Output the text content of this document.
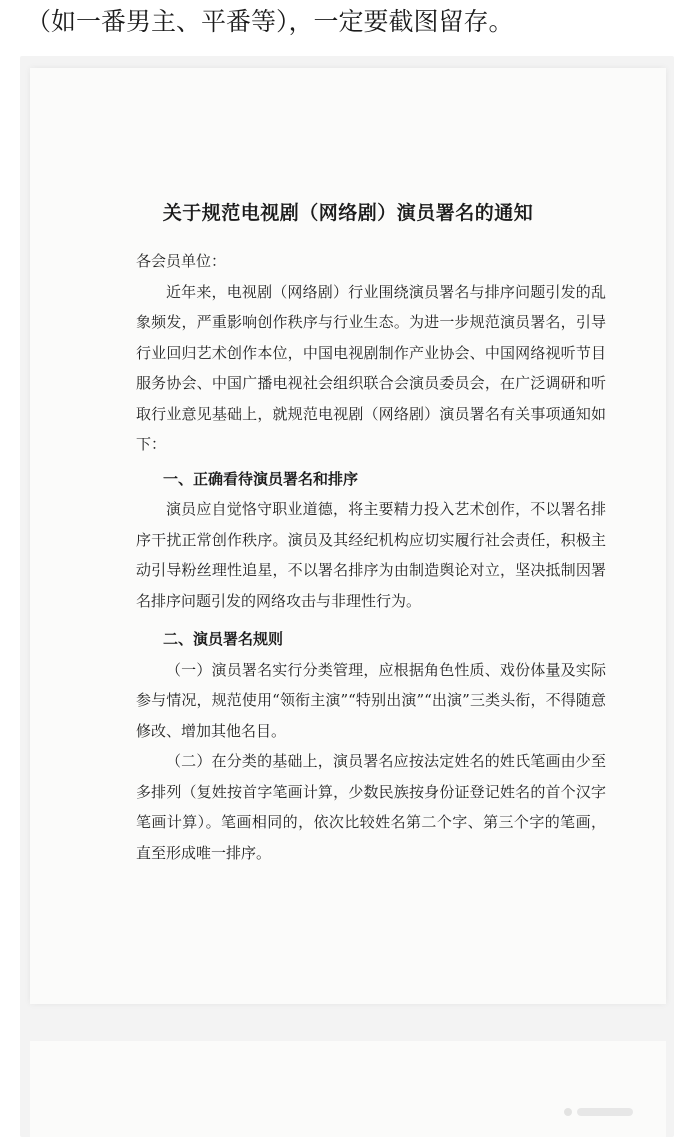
（如一番男主、平番等），一定要截图留存。
关于规范电视剧（网络剧）演员署名的通知

各会员单位：

近年来，电视剧（网络剧）行业围绕演员署名与排序问题引发的乱象频发，严重影响创作秩序与行业生态。为进一步规范演员署名，引导行业回归艺术创作本位，中国电视剧制作产业协会、中国网络视听节目服务协会、中国广播电视社会组织联合会演员委员会，在广泛调研和听取行业意见基础上，就规范电视剧（网络剧）演员署名有关事项通知如下：

一、正确看待演员署名和排序

演员应自觉恪守职业道德，将主要精力投入艺术创作，不以署名排序干扰正常创作秩序。演员及其经纪机构应切实履行社会责任，积极主动引导粉丝理性追星，不以署名排序为由制造舆论对立，坚决抵制因署名排序问题引发的网络攻击与非理性行为。

二、演员署名规则

（一）演员署名实行分类管理，应根据角色性质、戏份体量及实际参与情况，规范使用“领衔主演”“特别出演”“出演”三类头衔，不得随意修改、增加其他名目。

（二）在分类的基础上，演员署名应按法定姓名的姓氏笔画由少至多排列（复姓按首字笔画计算，少数民族按身份证登记姓名的首个汉字笔画计算）。笔画相同的，依次比较姓名第二个字、第三个字的笔画，直至形成唯一排序。
